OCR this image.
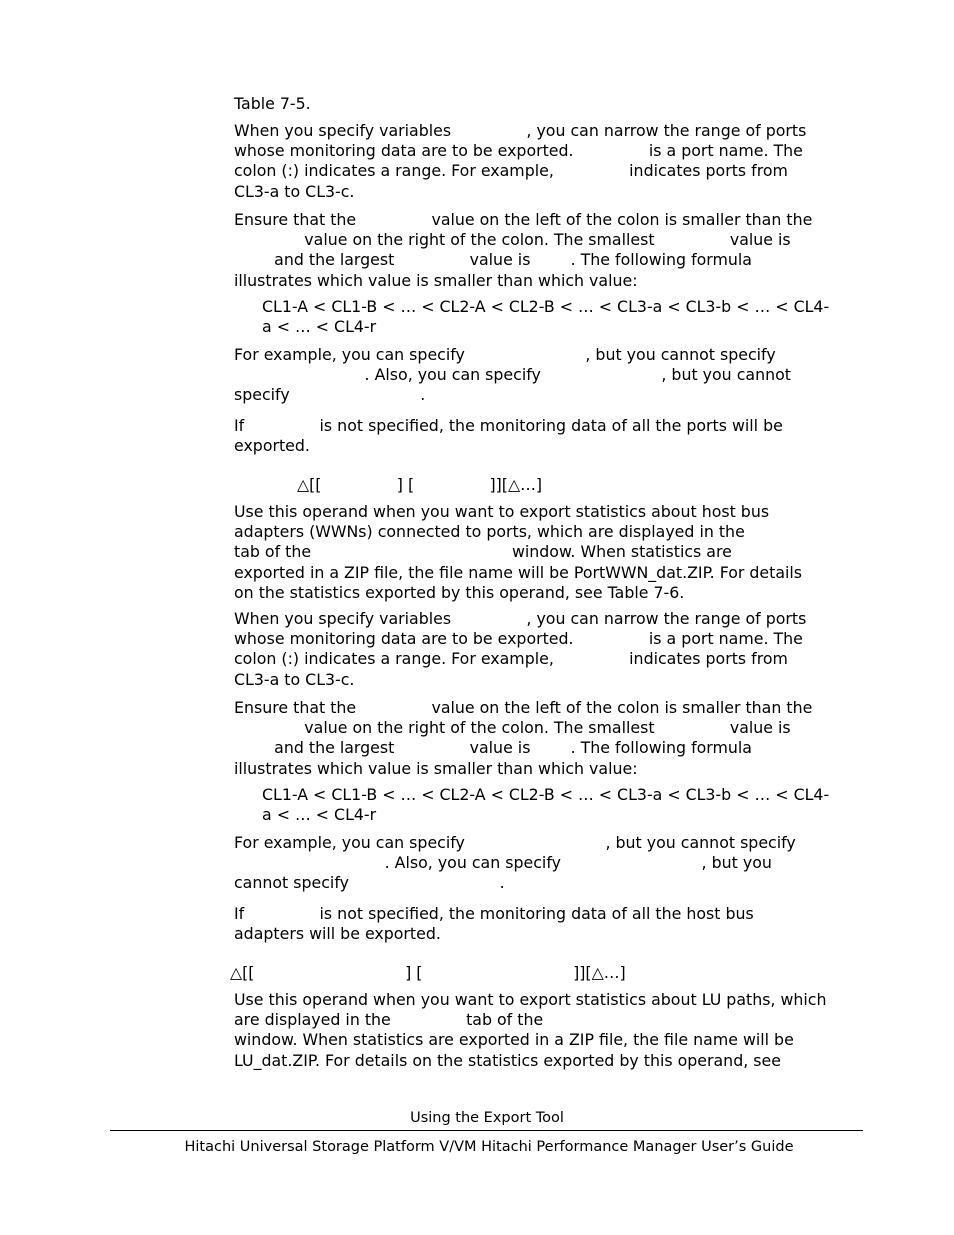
Table 7-5.
When you specify variables               , you can narrow the range of ports
whose monitoring data are to be exported.               is a port name. The
colon (:) indicates a range. For example,               indicates ports from
CL3-a to CL3-c.
Ensure that the               value on the left of the colon is smaller than the
value on the right of the colon. The smallest               value is
and the largest               value is        . The following formula
illustrates which value is smaller than which value:
CL1-A < CL1-B < … < CL2-A < CL2-B < … < CL3-a < CL3-b < … < CL4-
a < … < CL4-r
For example, you can specify                        , but you cannot specify
. Also, you can specify                        , but you cannot
specify                          .
If               is not specified, the monitoring data of all the ports will be
exported.
△[[               ] [               ]][△…]
Use this operand when you want to export statistics about host bus
adapters (WWNs) connected to ports, which are displayed in the
tab of the                                        window. When statistics are
exported in a ZIP file, the file name will be PortWWN_dat.ZIP. For details
on the statistics exported by this operand, see Table 7-6.
When you specify variables               , you can narrow the range of ports
whose monitoring data are to be exported.               is a port name. The
colon (:) indicates a range. For example,               indicates ports from
CL3-a to CL3-c.
Ensure that the               value on the left of the colon is smaller than the
value on the right of the colon. The smallest               value is
and the largest               value is        . The following formula
illustrates which value is smaller than which value:
CL1-A < CL1-B < … < CL2-A < CL2-B < … < CL3-a < CL3-b < … < CL4-
a < … < CL4-r
For example, you can specify                            , but you cannot specify
. Also, you can specify                            , but you
cannot specify                              .
If               is not specified, the monitoring data of all the host bus
adapters will be exported.
△[[                              ] [                              ]][△…]
Use this operand when you want to export statistics about LU paths, which
are displayed in the               tab of the
window. When statistics are exported in a ZIP file, the file name will be
LU_dat.ZIP. For details on the statistics exported by this operand, see
Using the Export Tool
Hitachi Universal Storage Platform V/VM Hitachi Performance Manager User’s Guide
